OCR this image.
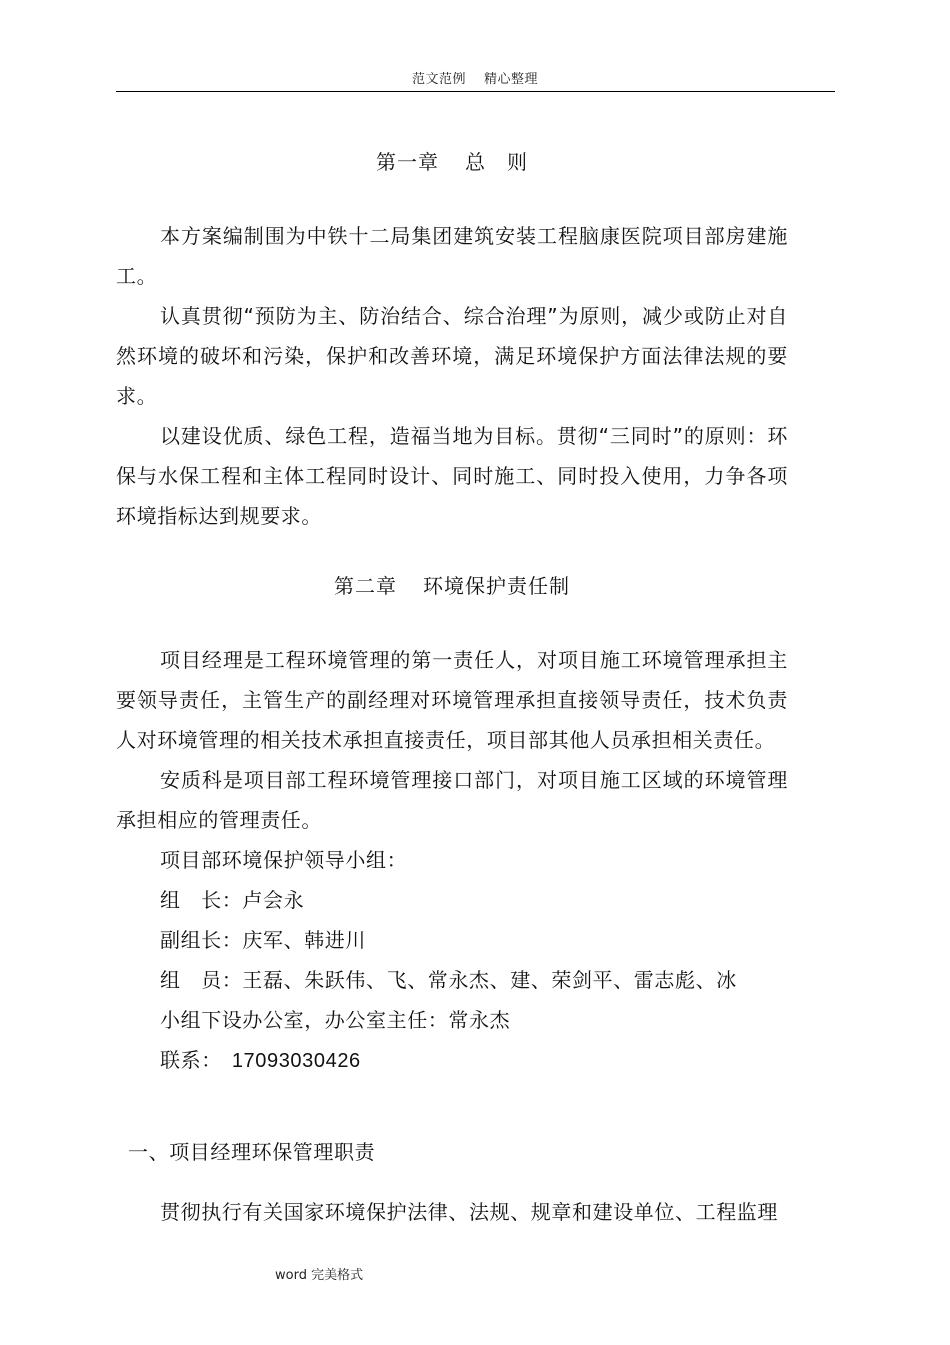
范文范例 精心整理
第一章 总　则

本方案编制围为中铁十二局集团建筑安装工程脑康医院项目部房建施工。

认真贯彻“预防为主、防治结合、综合治理”为原则，减少或防止对自然环境的破坏和污染，保护和改善环境，满足环境保护方面法律法规的要求。

以建设优质、绿色工程，造福当地为目标。贯彻“三同时”的原则：环保与水保工程和主体工程同时设计、同时施工、同时投入使用，力争各项环境指标达到规要求。

第二章 环境保护责任制

项目经理是工程环境管理的第一责任人，对项目施工环境管理承担主要领导责任，主管生产的副经理对环境管理承担直接领导责任，技术负责人对环境管理的相关技术承担直接责任，项目部其他人员承担相关责任。

安质科是项目部工程环境管理接口部门，对项目施工区域的环境管理承担相应的管理责任。

项目部环境保护领导小组：
组　长：卢会永
副组长：庆军、韩进川
组　员：王磊、朱跃伟、飞、常永杰、建、荣剑平、雷志彪、冰
小组下设办公室，办公室主任：常永杰
联系： 17093030426
一、项目经理环保管理职责
贯彻执行有关国家环境保护法律、法规、规章和建设单位、工程监理
word 完美格式
